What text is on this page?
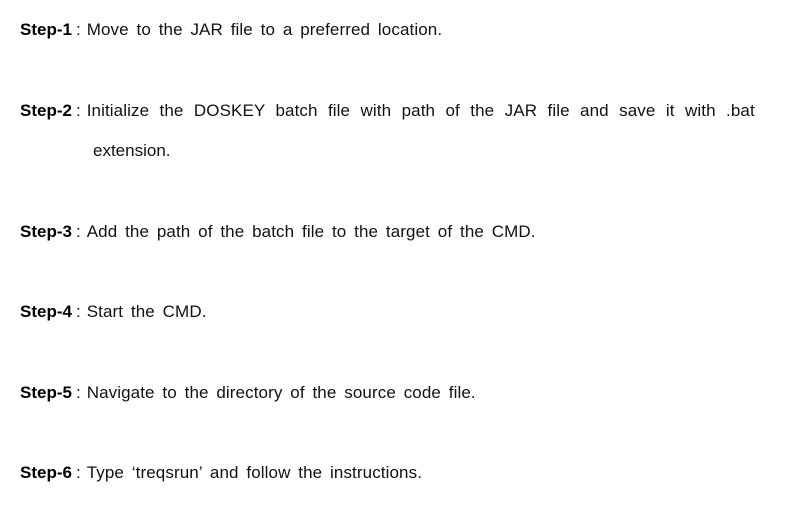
Step-1 : Move to the JAR file to a preferred location.
Step-2 : Initialize the DOSKEY batch file with path of the JAR file and save it with .bat
extension.
Step-3 : Add the path of the batch file to the target of the CMD.
Step-4 : Start the CMD.
Step-5 : Navigate to the directory of the source code file.
Step-6 : Type ‘treqsrun’ and follow the instructions.
